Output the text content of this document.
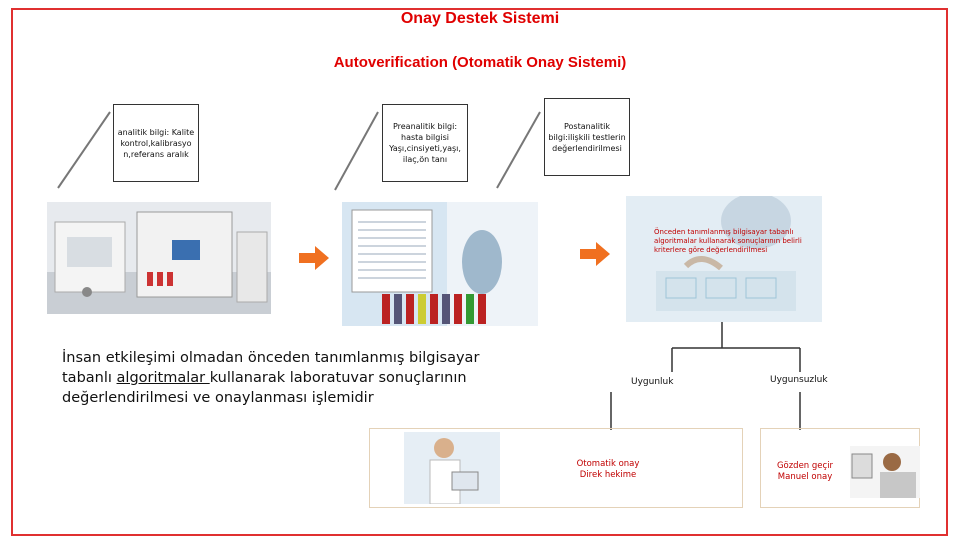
Onay Destek Sistemi
Autoverification (Otomatik Onay Sistemi)
analitik bilgi: Kalite kontrol,kalibrasyo n,referans aralık
Preanalitik bilgi: hasta bilgisi Yaşı,cinsiyeti,yaşı, ilaç,ön tanı
Postanalitik bilgi:ilişkili testlerin değerlendirilmesi
Önceden tanımlanmış bilgisayar tabanlı algoritmalar kullanarak sonuçlarının belirli kriterlere göre değerlendirilmesi
İnsan etkileşimi olmadan önceden tanımlanmış bilgisayar tabanlı algoritmalar kullanarak laboratuvar sonuçlarının değerlendirilmesi ve onaylanması işlemidir
Uygunluk	Uygunsuzluk
Otomatik onay
Direk hekime
Gözden geçir
Manuel onay
